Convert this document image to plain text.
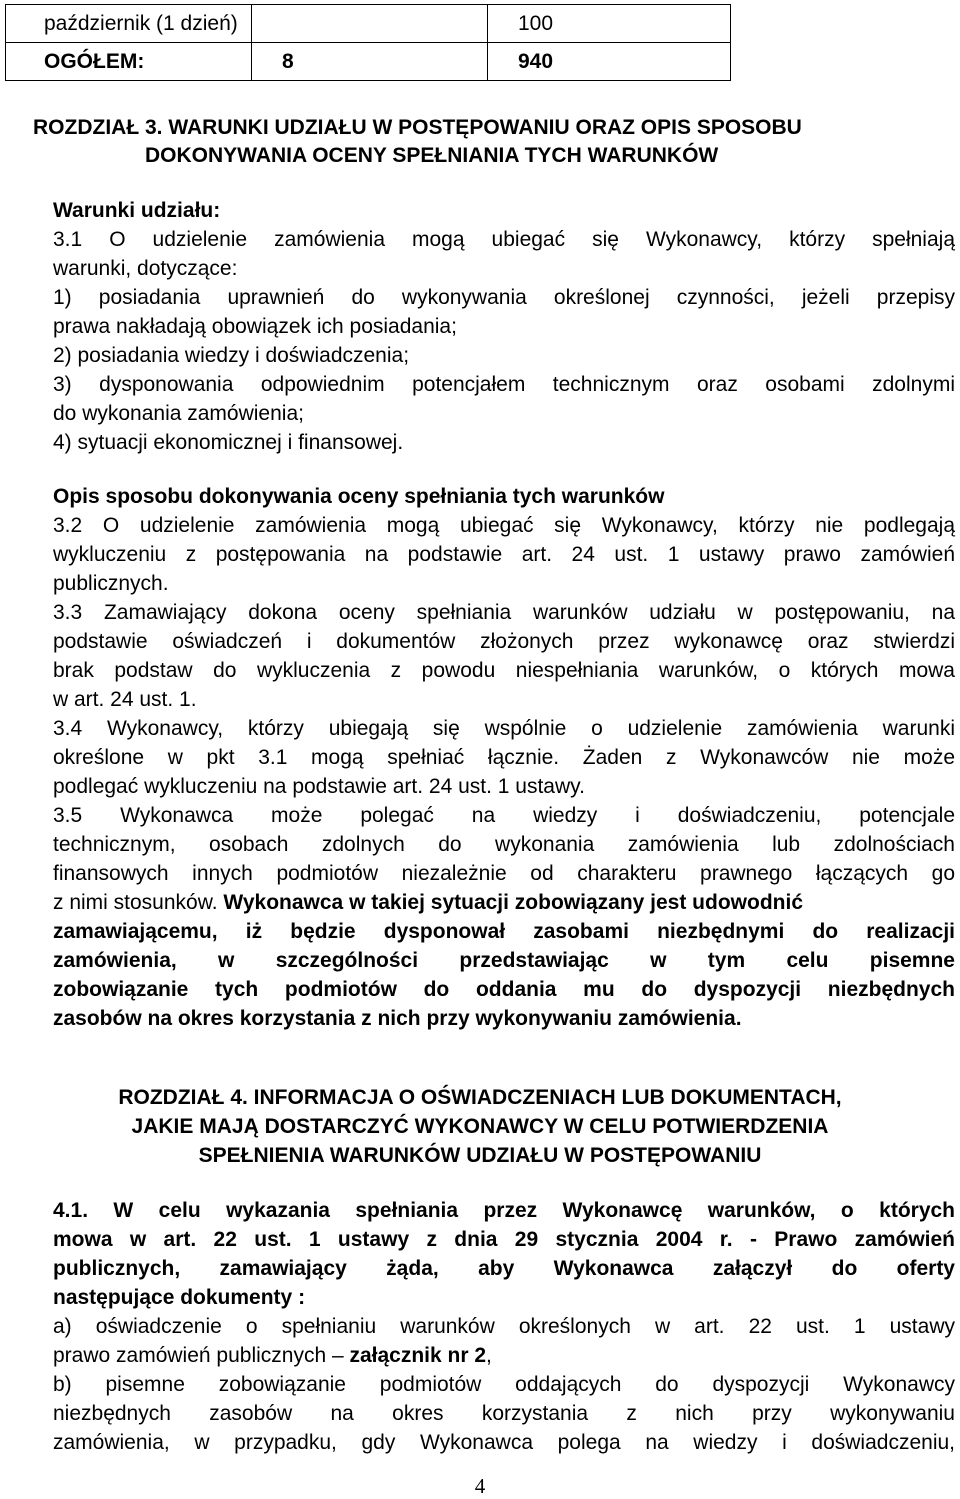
październik (1 dzień)		100
OGÓŁEM:	8	940
ROZDZIAŁ 3. WARUNKI UDZIAŁU W POSTĘPOWANIU ORAZ OPIS SPOSOBU
DOKONYWANIA OCENY SPEŁNIANIA TYCH WARUNKÓW
Warunki udziału:
3.1 O udzielenie zamówienia mogą ubiegać się Wykonawcy, którzy spełniają
warunki, dotyczące:
1) posiadania uprawnień do wykonywania określonej czynności, jeżeli przepisy
prawa nakładają obowiązek ich posiadania;
2) posiadania wiedzy i doświadczenia;
3) dysponowania odpowiednim potencjałem technicznym oraz osobami zdolnymi
do wykonania zamówienia;
4) sytuacji ekonomicznej i finansowej.
Opis sposobu dokonywania oceny spełniania tych warunków
3.2 O udzielenie zamówienia mogą ubiegać się Wykonawcy, którzy nie podlegają
wykluczeniu z postępowania na podstawie art. 24 ust. 1 ustawy prawo zamówień
publicznych.
3.3 Zamawiający dokona oceny spełniania warunków udziału w postępowaniu, na
podstawie oświadczeń i dokumentów złożonych przez wykonawcę oraz stwierdzi
brak podstaw do wykluczenia z powodu niespełniania warunków, o których mowa
w art. 24 ust. 1.
3.4 Wykonawcy, którzy ubiegają się wspólnie o udzielenie zamówienia warunki
określone w pkt 3.1 mogą spełniać łącznie. Żaden z Wykonawców nie może
podlegać wykluczeniu na podstawie art. 24 ust. 1 ustawy.
3.5 Wykonawca może polegać na wiedzy i doświadczeniu, potencjale
technicznym, osobach zdolnych do wykonania zamówienia lub zdolnościach
finansowych innych podmiotów niezależnie od charakteru prawnego łączących go
z nimi stosunków. Wykonawca w takiej sytuacji zobowiązany jest udowodnić
zamawiającemu, iż będzie dysponował zasobami niezbędnymi do realizacji
zamówienia, w szczególności przedstawiając w tym celu pisemne
zobowiązanie tych podmiotów do oddania mu do dyspozycji niezbędnych
zasobów na okres korzystania z nich przy wykonywaniu zamówienia.
ROZDZIAŁ 4. INFORMACJA O OŚWIADCZENIACH LUB DOKUMENTACH,
JAKIE MAJĄ DOSTARCZYĆ WYKONAWCY W CELU POTWIERDZENIA
SPEŁNIENIA WARUNKÓW UDZIAŁU W POSTĘPOWANIU
4.1. W celu wykazania spełniania przez Wykonawcę warunków, o których
mowa w art. 22 ust. 1 ustawy z dnia 29 stycznia 2004 r. - Prawo zamówień
publicznych, zamawiający żąda, aby Wykonawca załączył do oferty
następujące dokumenty :
a) oświadczenie o spełnianiu warunków określonych w art. 22 ust. 1 ustawy
prawo zamówień publicznych – załącznik nr 2,
b) pisemne zobowiązanie podmiotów oddających do dyspozycji Wykonawcy
niezbędnych zasobów na okres korzystania z nich przy wykonywaniu
zamówienia, w przypadku, gdy Wykonawca polega na wiedzy i doświadczeniu,
4
